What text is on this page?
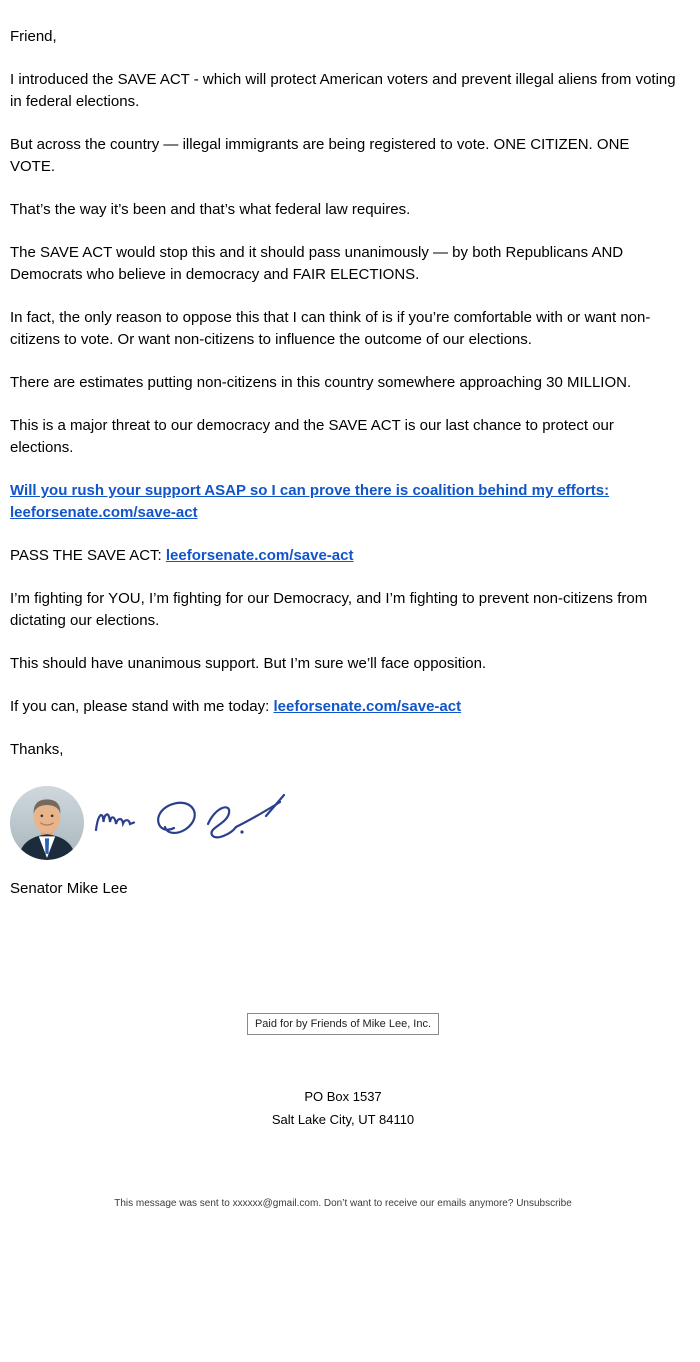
Friend,

I introduced the SAVE ACT - which will protect American voters and prevent illegal aliens from voting in federal elections.

But across the country — illegal immigrants are being registered to vote. ONE CITIZEN. ONE VOTE.

That’s the way it’s been and that’s what federal law requires.

The SAVE ACT would stop this and it should pass unanimously — by both Republicans AND Democrats who believe in democracy and FAIR ELECTIONS.

In fact, the only reason to oppose this that I can think of is if you’re comfortable with or want non-citizens to vote. Or want non-citizens to influence the outcome of our elections.

There are estimates putting non-citizens in this country somewhere approaching 30 MILLION.

This is a major threat to our democracy and the SAVE ACT is our last chance to protect our elections.

Will you rush your support ASAP so I can prove there is coalition behind my efforts: leeforsenate.com/save-act

PASS THE SAVE ACT: leeforsenate.com/save-act

I’m fighting for YOU, I’m fighting for our Democracy, and I’m fighting to prevent non-citizens from dictating our elections.

This should have unanimous support. But I’m sure we’ll face opposition.

If you can, please stand with me today: leeforsenate.com/save-act

Thanks,

Senator Mike Lee

Paid for by Friends of Mike Lee, Inc.
PO Box 1537
Salt Lake City, UT 84110
This message was sent to xxxxxx@gmail.com. Don’t want to receive our emails anymore? Unsubscribe
